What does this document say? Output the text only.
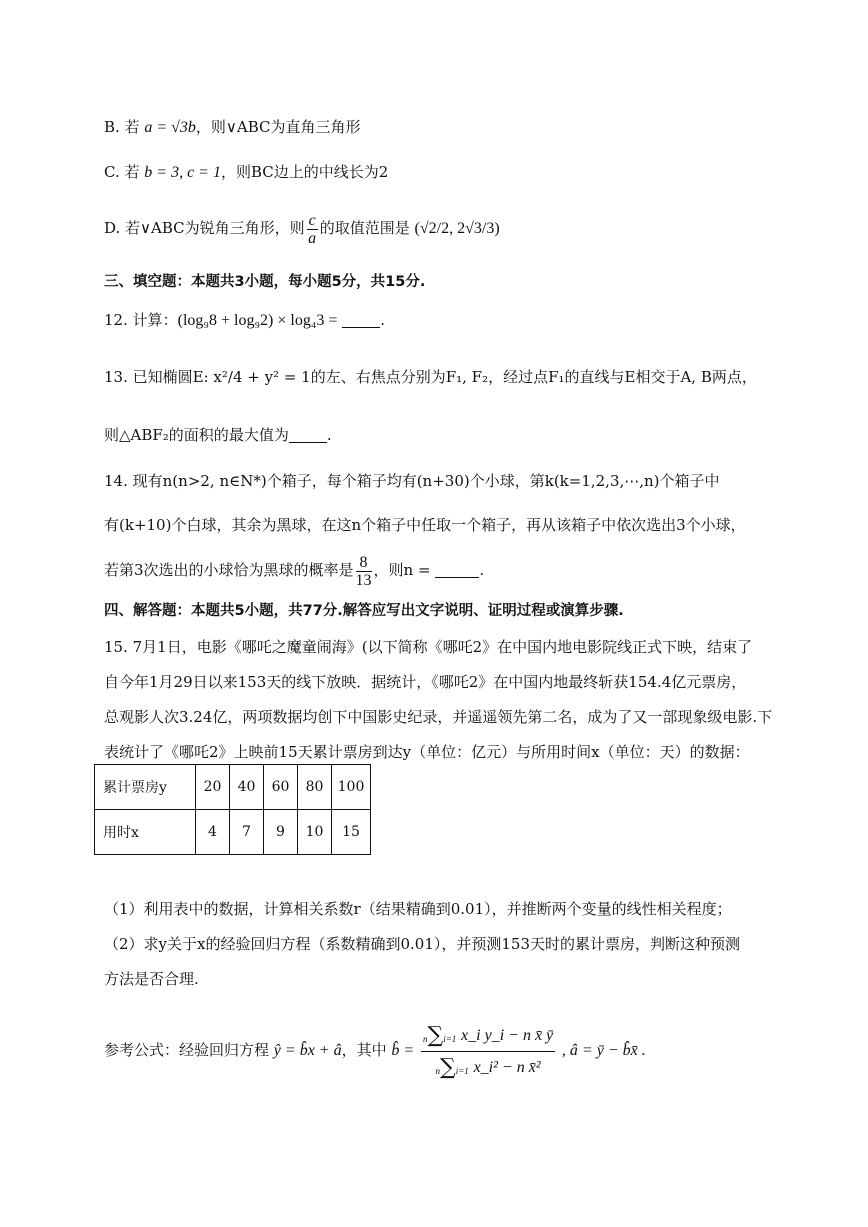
B. 若 a = √3b，则∨ABC为直角三角形
C. 若 b = 3, c = 1，则BC边上的中线长为2
D. 若∨ABC为锐角三角形，则 $\frac{c}{a}$ 的取值范围是 (√2/2, 2√3/3)
三、填空题：本题共3小题，每小题5分，共15分.
12. 计算：(log₉8 + log₉2) × log₄3 =	.
13. 已知椭圆E: x²/4 + y² = 1的左、右焦点分别为F₁, F₂，经过点F₁的直线与E相交于A, B两点，
则△ABF₂的面积的最大值为	.
14. 现有n(n>2, n∈N*)个箱子，每个箱子均有(n+30)个小球，第k(k=1,2,3,⋯,n)个箱子中
有(k+10)个白球，其余为黑球，在这n个箱子中任取一个箱子，再从该箱子中依次选出3个小球，
若第3次选出的小球恰为黑球的概率是 $\frac{8}{13}$ ，则n =	.
四、解答题：本题共5小题，共77分.解答应写出文字说明、证明过程或演算步骤.
15. 7月1日，电影《哪吒之魔童闹海》(以下简称《哪吒2》在中国内地电影院线正式下映，结束了
自今年1月29日以来153天的线下放映．据统计，《哪吒2》在中国内地最终斩获154.4亿元票房，
总观影人次3.24亿，两项数据均创下中国影史纪录，并遥遥领先第二名，成为了又一部现象级电影.下
表统计了《哪吒2》上映前15天累计票房到达y（单位：亿元）与所用时间x（单位：天）的数据：
累计票房y	20	40	60	80	100
用时x	4	7	9	10	15
（1）利用表中的数据，计算相关系数r（结果精确到0.01），并推断两个变量的线性相关程度；
（2）求y关于x的经验回归方程（系数精确到0.01），并预测153天时的累计票房，判断这种预测
方法是否合理.
参考公式：经验回归方程 ŷ = b̂x + â，其中 b̂ = $\frac{\text{n∑i=1 x\_i y\_i − n x̄ ȳ}}{\text{n∑i=1 x\_i² − n x̄²}}$ , â = ȳ − b̂x̄ .
